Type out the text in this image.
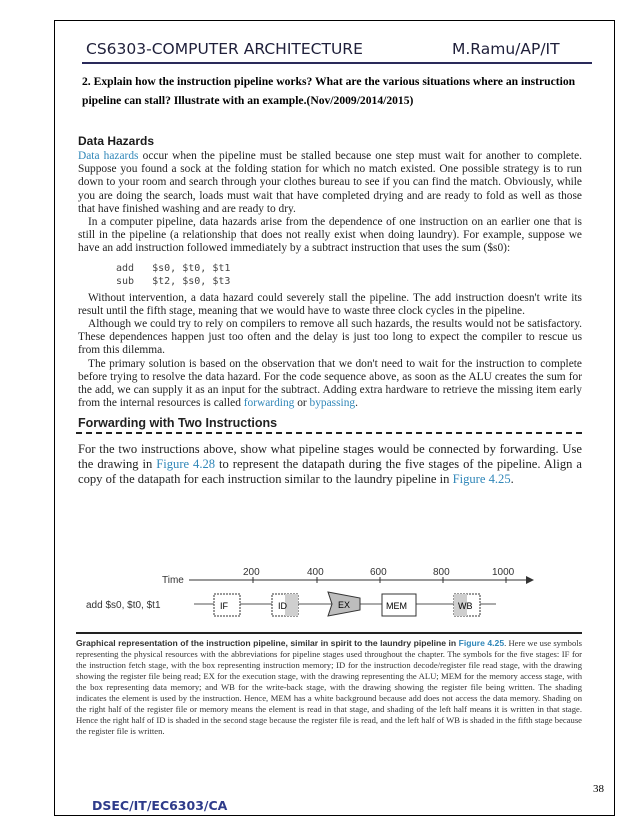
CS6303-COMPUTER ARCHITECTURE	M.Ramu/AP/IT
2. Explain how the instruction pipeline works? What are the various situations where an instruction pipeline can stall? Illustrate with an example.(Nov/2009/2014/2015)
Data Hazards

Data hazards occur when the pipeline must be stalled because one step must wait for another to complete. Suppose you found a sock at the folding station for which no match existed. One possible strategy is to run down to your room and search through your clothes bureau to see if you can find the match. Obviously, while you are doing the search, loads must wait that have completed drying and are ready to fold as well as those that have finished washing and are ready to dry.

In a computer pipeline, data hazards arise from the dependence of one instruction on an earlier one that is still in the pipeline (a relationship that does not really exist when doing laundry). For example, suppose we have an add instruction followed immediately by a subtract instruction that uses the sum ($s0):

add   $s0, $t0, $t1
sub   $t2, $s0, $t3

Without intervention, a data hazard could severely stall the pipeline. The add instruction doesn't write its result until the fifth stage, meaning that we would have to waste three clock cycles in the pipeline.

Although we could try to rely on compilers to remove all such hazards, the results would not be satisfactory. These dependences happen just too often and the delay is just too long to expect the compiler to rescue us from this dilemma.

The primary solution is based on the observation that we don't need to wait for the instruction to complete before trying to resolve the data hazard. For the code sequence above, as soon as the ALU creates the sum for the add, we can supply it as an input for the subtract. Adding extra hardware to retrieve the missing item early from the internal resources is called forwarding or bypassing.

Forwarding with Two Instructions

For the two instructions above, show what pipeline stages would be connected by forwarding. Use the drawing in Figure 4.28 to represent the datapath during the five stages of the pipeline. Align a copy of the datapath for each instruction similar to the laundry pipeline in Figure 4.25.

Time
200	400	600	800	1000
add $s0, $t0, $t1	IF	ID	EX	MEM	WB
Graphical representation of the instruction pipeline, similar in spirit to the laundry pipeline in Figure 4.25. Here we use symbols representing the physical resources with the abbreviations for pipeline stages used throughout the chapter. The symbols for the five stages: IF for the instruction fetch stage, with the box representing instruction memory; ID for the instruction decode/register file read stage, with the drawing showing the register file being read; EX for the execution stage, with the drawing representing the ALU; MEM for the memory access stage, with the box representing data memory; and WB for the write-back stage, with the drawing showing the register file being written. The shading indicates the element is used by the instruction. Hence, MEM has a white background because add does not access the data memory. Shading on the right half of the register file or memory means the element is read in that stage, and shading of the left half means it is written in that stage. Hence the right half of ID is shaded in the second stage because the register file is read, and the left half of WB is shaded in the fifth stage because the register file is written.
38
DSEC/IT/EC6303/CA
